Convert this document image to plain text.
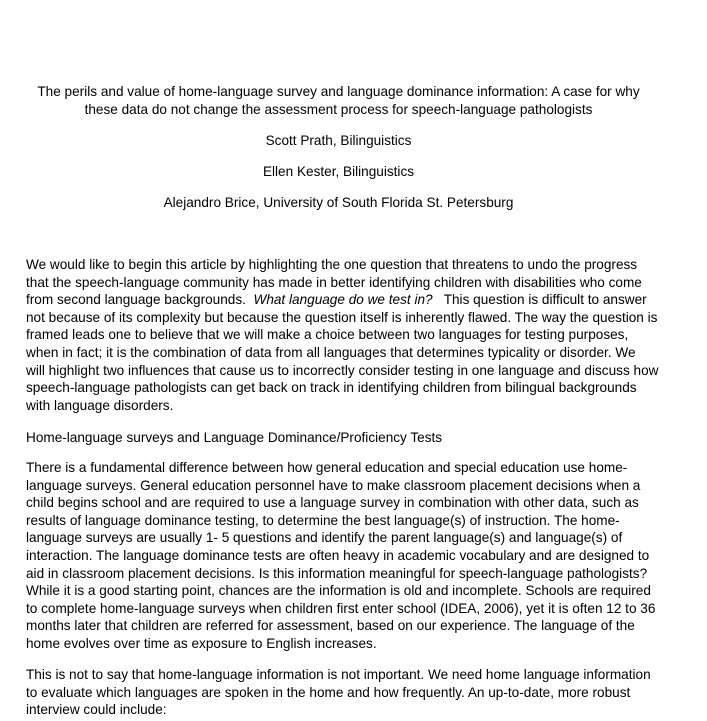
The perils and value of home-language survey and language dominance information: A case for why
these data do not change the assessment process for speech-language pathologists

Scott Prath, Bilinguistics

Ellen Kester, Bilinguistics

Alejandro Brice, University of South Florida St. Petersburg

We would like to begin this article by highlighting the one question that threatens to undo the progress
that the speech-language community has made in better identifying children with disabilities who come
from second language backgrounds. What language do we test in? This question is difficult to answer
not because of its complexity but because the question itself is inherently flawed. The way the question is
framed leads one to believe that we will make a choice between two languages for testing purposes,
when in fact; it is the combination of data from all languages that determines typicality or disorder. We
will highlight two influences that cause us to incorrectly consider testing in one language and discuss how
speech-language pathologists can get back on track in identifying children from bilingual backgrounds
with language disorders.

Home-language surveys and Language Dominance/Proficiency Tests

There is a fundamental difference between how general education and special education use home-
language surveys. General education personnel have to make classroom placement decisions when a
child begins school and are required to use a language survey in combination with other data, such as
results of language dominance testing, to determine the best language(s) of instruction. The home-
language surveys are usually 1- 5 questions and identify the parent language(s) and language(s) of
interaction. The language dominance tests are often heavy in academic vocabulary and are designed to
aid in classroom placement decisions. Is this information meaningful for speech-language pathologists?
While it is a good starting point, chances are the information is old and incomplete. Schools are required
to complete home-language surveys when children first enter school (IDEA, 2006), yet it is often 12 to 36
months later that children are referred for assessment, based on our experience. The language of the
home evolves over time as exposure to English increases.

This is not to say that home-language information is not important. We need home language information
to evaluate which languages are spoken in the home and how frequently. An up-to-date, more robust
interview could include:
